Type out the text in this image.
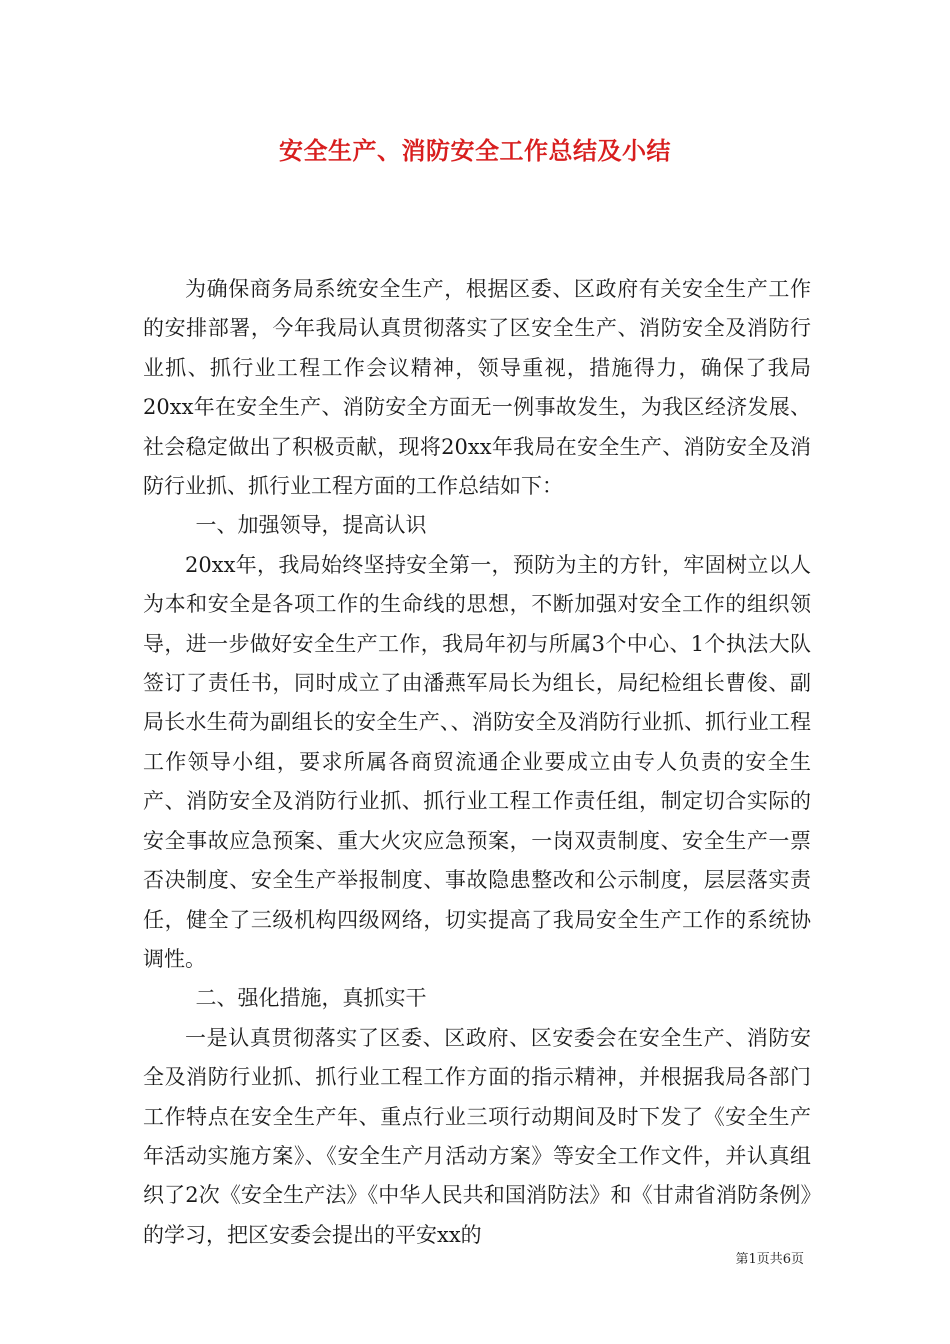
安全生产、消防安全工作总结及小结

为确保商务局系统安全生产，根据区委、区政府有关安全生产工作的安排部署，今年我局认真贯彻落实了区安全生产、消防安全及消防行业抓、抓行业工程工作会议精神，领导重视，措施得力，确保了我局20xx年在安全生产、消防安全方面无一例事故发生，为我区经济发展、社会稳定做出了积极贡献，现将20xx年我局在安全生产、消防安全及消防行业抓、抓行业工程方面的工作总结如下：

一、加强领导，提高认识

20xx年，我局始终坚持安全第一，预防为主的方针，牢固树立以人为本和安全是各项工作的生命线的思想，不断加强对安全工作的组织领导，进一步做好安全生产工作，我局年初与所属3个中心、1个执法大队签订了责任书，同时成立了由潘燕军局长为组长，局纪检组长曹俊、副局长水生荷为副组长的安全生产、、消防安全及消防行业抓、抓行业工程工作领导小组，要求所属各商贸流通企业要成立由专人负责的安全生产、消防安全及消防行业抓、抓行业工程工作责任组，制定切合实际的安全事故应急预案、重大火灾应急预案，一岗双责制度、安全生产一票否决制度、安全生产举报制度、事故隐患整改和公示制度，层层落实责任，健全了三级机构四级网络，切实提高了我局安全生产工作的系统协调性。

二、强化措施，真抓实干

一是认真贯彻落实了区委、区政府、区安委会在安全生产、消防安全及消防行业抓、抓行业工程工作方面的指示精神，并根据我局各部门工作特点在安全生产年、重点行业三项行动期间及时下发了《安全生产年活动实施方案》、《安全生产月活动方案》等安全工作文件，并认真组织了2次《安全生产法》《中华人民共和国消防法》和《甘肃省消防条例》的学习，把区安委会提出的平安xx的

第1页共6页
